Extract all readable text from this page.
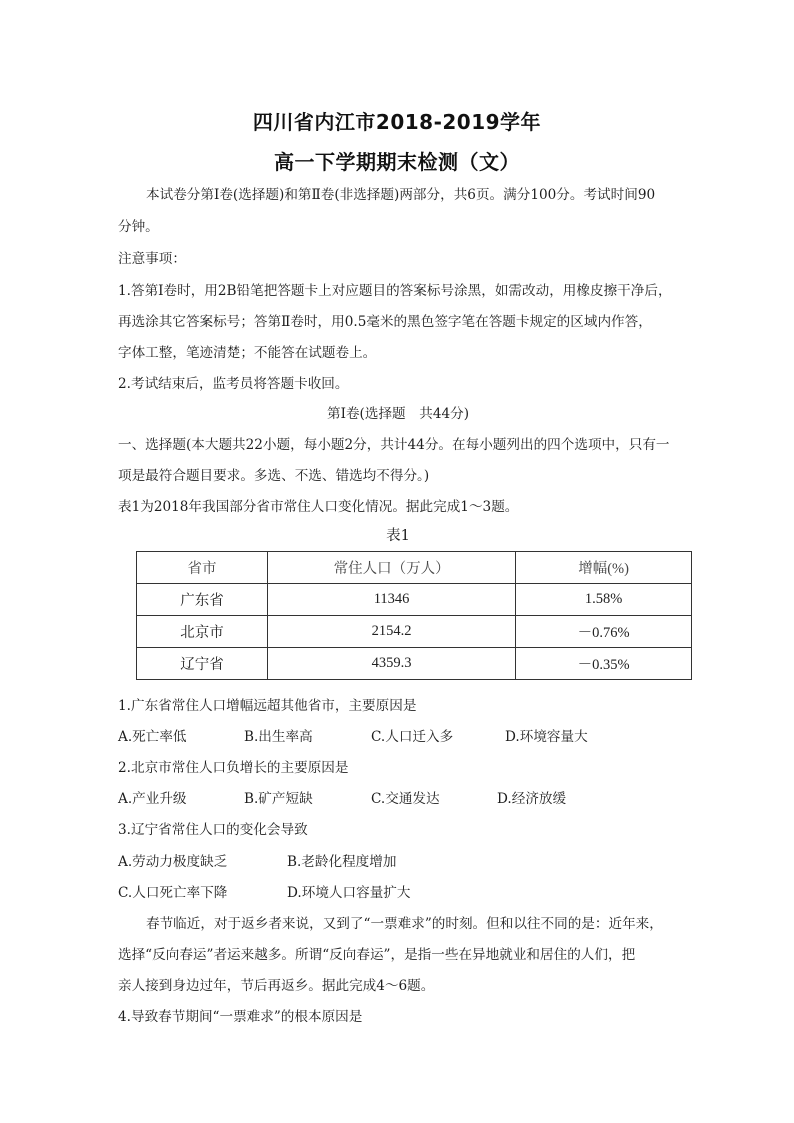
四川省内江市2018-2019学年
高一下学期期末检测（文）
本试卷分第Ⅰ卷(选择题)和第Ⅱ卷(非选择题)两部分，共6页。满分100分。考试时间90
分钟。
注意事项：
1.答第Ⅰ卷时，用2B铅笔把答题卡上对应题目的答案标号涂黑，如需改动，用橡皮擦干净后，
再选涂其它答案标号；答第Ⅱ卷时，用0.5毫米的黑色签字笔在答题卡规定的区域内作答，
字体工整，笔迹清楚；不能答在试题卷上。
2.考试结束后，监考员将答题卡收回。
第Ⅰ卷(选择题　共44分)
一、选择题(本大题共22小题，每小题2分，共计44分。在每小题列出的四个选项中，只有一
项是最符合题目要求。多选、不选、错选均不得分。)
表1为2018年我国部分省市常住人口变化情况。据此完成1～3题。
表1
省市	常住人口（万人）	增幅(%)
广东省	11346	1.58%
北京市	2154.2	－0.76%
辽宁省	4359.3	－0.35%
1.广东省常住人口增幅远超其他省市，主要原因是
A.死亡率低	B.出生率高	C.人口迁入多	D.环境容量大
2.北京市常住人口负增长的主要原因是
A.产业升级	B.矿产短缺	C.交通发达	D.经济放缓
3.辽宁省常住人口的变化会导致
A.劳动力极度缺乏	B.老龄化程度增加
C.人口死亡率下降	D.环境人口容量扩大
春节临近，对于返乡者来说，又到了“一票难求”的时刻。但和以往不同的是：近年来，
选择“反向春运”者运来越多。所谓“反向春运”，是指一些在异地就业和居住的人们，把
亲人接到身边过年，节后再返乡。据此完成4～6题。
4.导致春节期间“一票难求”的根本原因是
